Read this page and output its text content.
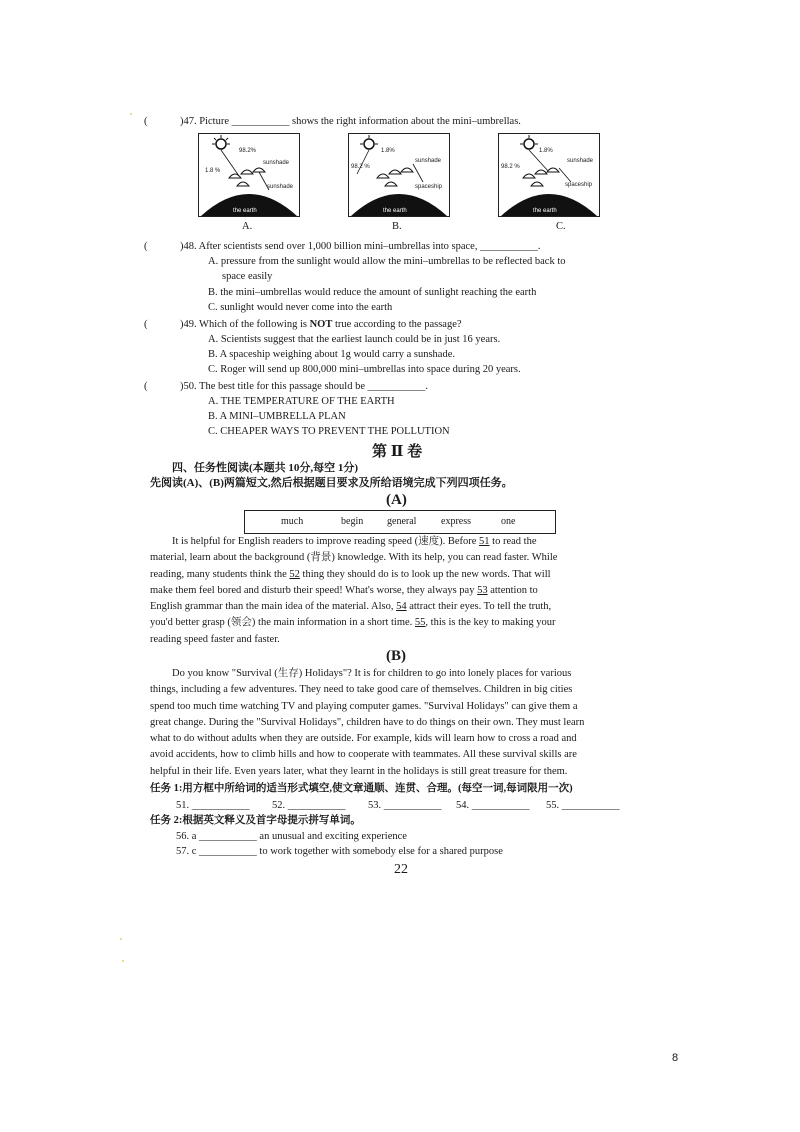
(	)47. Picture ___________ shows the right information about the mini–umbrellas.
98.2%
1.8 %
sunshade
sunshade
the earth
A.
1.8%
98.2 %
sunshade
spaceship
the earth
B.
1.8%
98.2 %
sunshade
spaceship
the earth
C.
(	)48. After scientists send over 1,000 billion mini–umbrellas into space, ___________.
A. pressure from the sunlight would allow the mini–umbrellas to be reflected back to
space easily
B. the mini–umbrellas would reduce the amount of sunlight reaching the earth
C. sunlight would never come into the earth
(	)49. Which of the following is NOT true according to the passage?
A. Scientists suggest that the earliest launch could be in just 16 years.
B. A spaceship weighing about 1g would carry a sunshade.
C. Roger will send up 800,000 mini–umbrellas into space during 20 years.
(	)50. The best title for this passage should be ___________.
A. THE TEMPERATURE OF THE EARTH
B. A MINI–UMBRELLA PLAN
C. CHEAPER WAYS TO PREVENT THE POLLUTION
第 Ⅱ 卷
四、任务性阅读(本题共 10分,每空 1分)
先阅读(A)、(B)两篇短文,然后根据题目要求及所给语境完成下列四项任务。
(A)
much	begin general express	one
It is helpful for English readers to improve reading speed (速度). Before 51 to read the
material, learn about the background (背景) knowledge. With its help, you can read faster. While
reading, many students think the 52 thing they should do is to look up the new words. That will
make them feel bored and disturb their speed! What's worse, they always pay 53 attention to
English grammar than the main idea of the material. Also, 54 attract their eyes. To tell the truth,
you'd better grasp (领会) the main information in a short time. 55, this is the key to making your
reading speed faster and faster.
(B)
Do you know "Survival (生存) Holidays"? It is for children to go into lonely places for various
things, including a few adventures. They need to take good care of themselves. Children in big cities
spend too much time watching TV and playing computer games. "Survival Holidays" can give them a
great change. During the "Survival Holidays", children have to do things on their own. They must learn
what to do without adults when they are outside. For example, kids will learn how to cross a road and
avoid accidents, how to climb hills and how to cooperate with teammates. All these survival skills are
helpful in their life. Even years later, what they learnt in the holidays is still great treasure for them.
任务 1:用方框中所给词的适当形式填空,使文章通顺、连贯、合理。(每空一词,每词限用一次)
51. ___________ 52. ___________ 53. ___________ 54. ___________ 55. ___________
任务 2:根据英文释义及首字母提示拼写单词。
56. a ___________ an unusual and exciting experience
57. c ___________ to work together with somebody else for a shared purpose
22
8
